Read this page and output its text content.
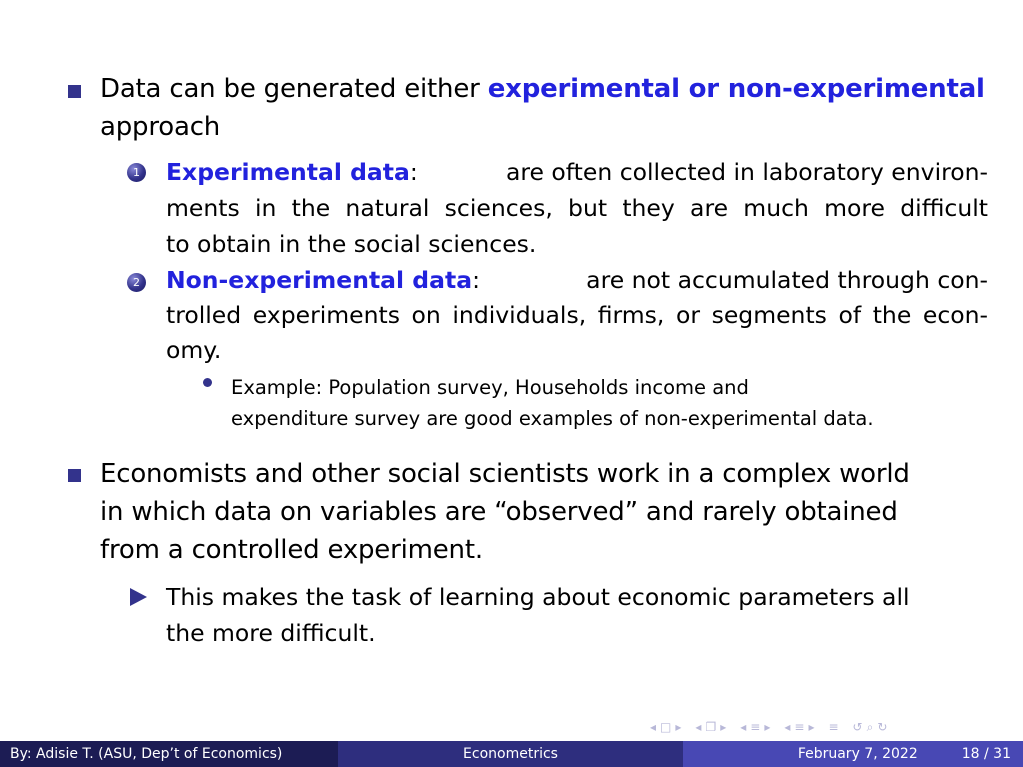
Data can be generated either experimental or non-experimental
approach
1 Experimental data:	are often collected in laboratory environ-
ments in the natural sciences, but they are much more difficult
to obtain in the social sciences.
2 Non-experimental data:	are not accumulated through con-
trolled experiments on individuals, firms, or segments of the econ-
omy.
Example: Population survey, Households income and
expenditure survey are good examples of non-experimental data.
Economists and other social scientists work in a complex world
in which data on variables are “observed” and rarely obtained
from a controlled experiment.
This makes the task of learning about economic parameters all
the more difficult.
◂ □ ▸ ◂ ❐ ▸ ◂ ≡ ▸ ◂ ≡ ▸ ≡ ↺ ⌕ ↻
By: Adisie T. (ASU, Dep’t of Economics)	Econometrics	February 7, 2022	18 / 31
